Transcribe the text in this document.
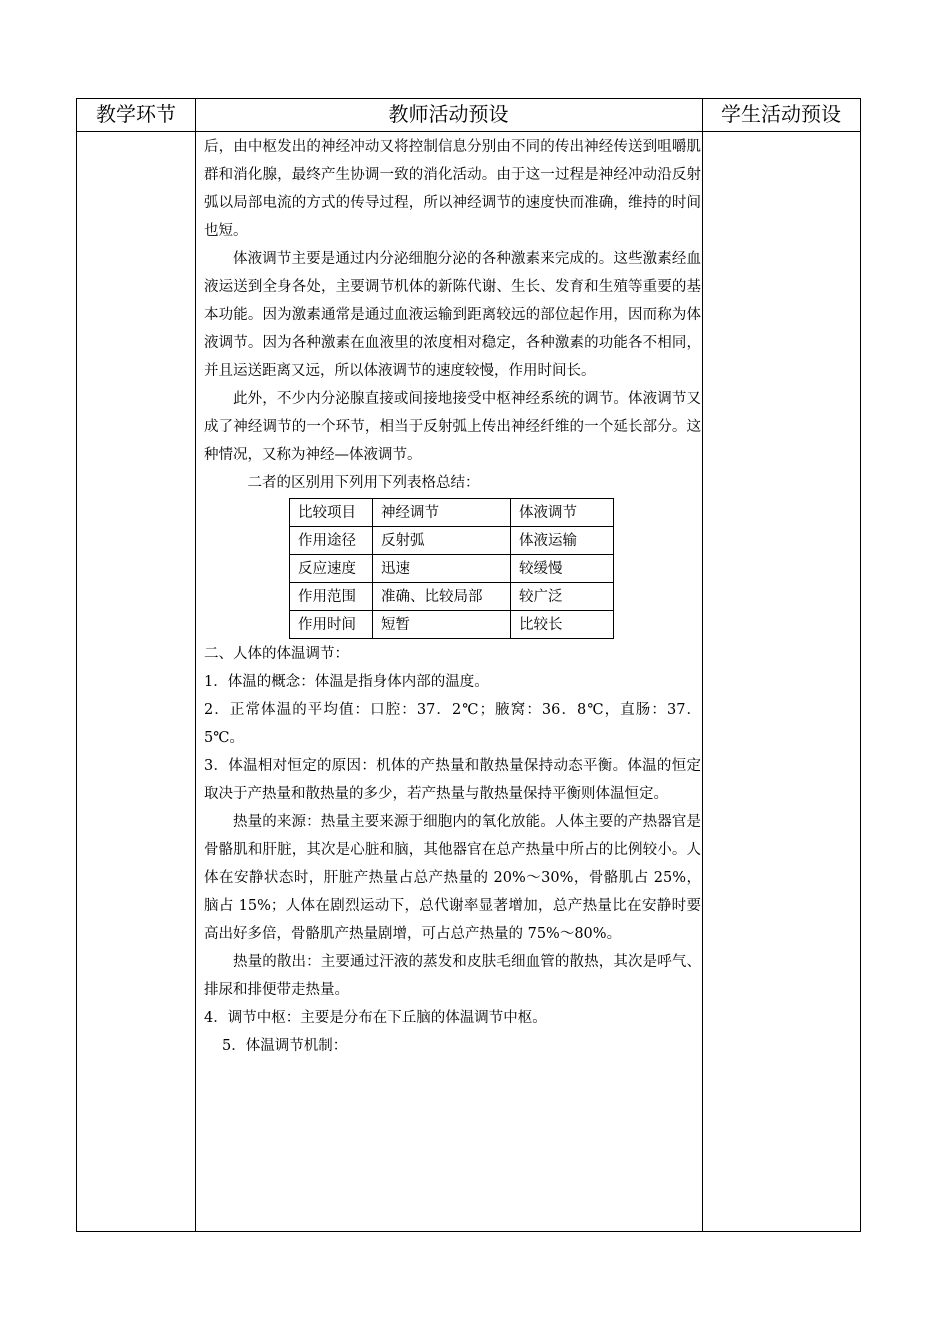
教学环节	教师活动预设	学生活动预设

后，由中枢发出的神经冲动又将控制信息分别由不同的传出神经传送到咀嚼肌群和消化腺，最终产生协调一致的消化活动。由于这一过程是神经冲动沿反射弧以局部电流的方式的传导过程，所以神经调节的速度快而准确，维持的时间也短。

体液调节主要是通过内分泌细胞分泌的各种激素来完成的。这些激素经血液运送到全身各处，主要调节机体的新陈代谢、生长、发育和生殖等重要的基本功能。因为激素通常是通过血液运输到距离较远的部位起作用，因而称为体液调节。因为各种激素在血液里的浓度相对稳定，各种激素的功能各不相同，并且运送距离又远，所以体液调节的速度较慢，作用时间长。

此外，不少内分泌腺直接或间接地接受中枢神经系统的调节。体液调节又成了神经调节的一个环节，相当于反射弧上传出神经纤维的一个延长部分。这种情况，又称为神经—体液调节。

二者的区别用下列用下列表格总结：

比较项目	神经调节	体液调节
作用途径	反射弧	体液运输
反应速度	迅速	较缓慢
作用范围	准确、比较局部	较广泛
作用时间	短暂	比较长

二、人体的体温调节：

1．体温的概念：体温是指身体内部的温度。

2．正常体温的平均值：口腔：37．2℃；腋窝：36．8℃，直肠：37．5℃。

3．体温相对恒定的原因：机体的产热量和散热量保持动态平衡。体温的恒定取决于产热量和散热量的多少，若产热量与散热量保持平衡则体温恒定。

热量的来源：热量主要来源于细胞内的氧化放能。人体主要的产热器官是骨骼肌和肝脏，其次是心脏和脑，其他器官在总产热量中所占的比例较小。人体在安静状态时，肝脏产热量占总产热量的 20%～30%，骨骼肌占 25%，脑占 15%；人体在剧烈运动下，总代谢率显著增加，总产热量比在安静时要高出好多倍，骨骼肌产热量剧增，可占总产热量的 75%～80%。

热量的散出：主要通过汗液的蒸发和皮肤毛细血管的散热，其次是呼气、排尿和排便带走热量。

4．调节中枢：主要是分布在下丘脑的体温调节中枢。

5．体温调节机制：
